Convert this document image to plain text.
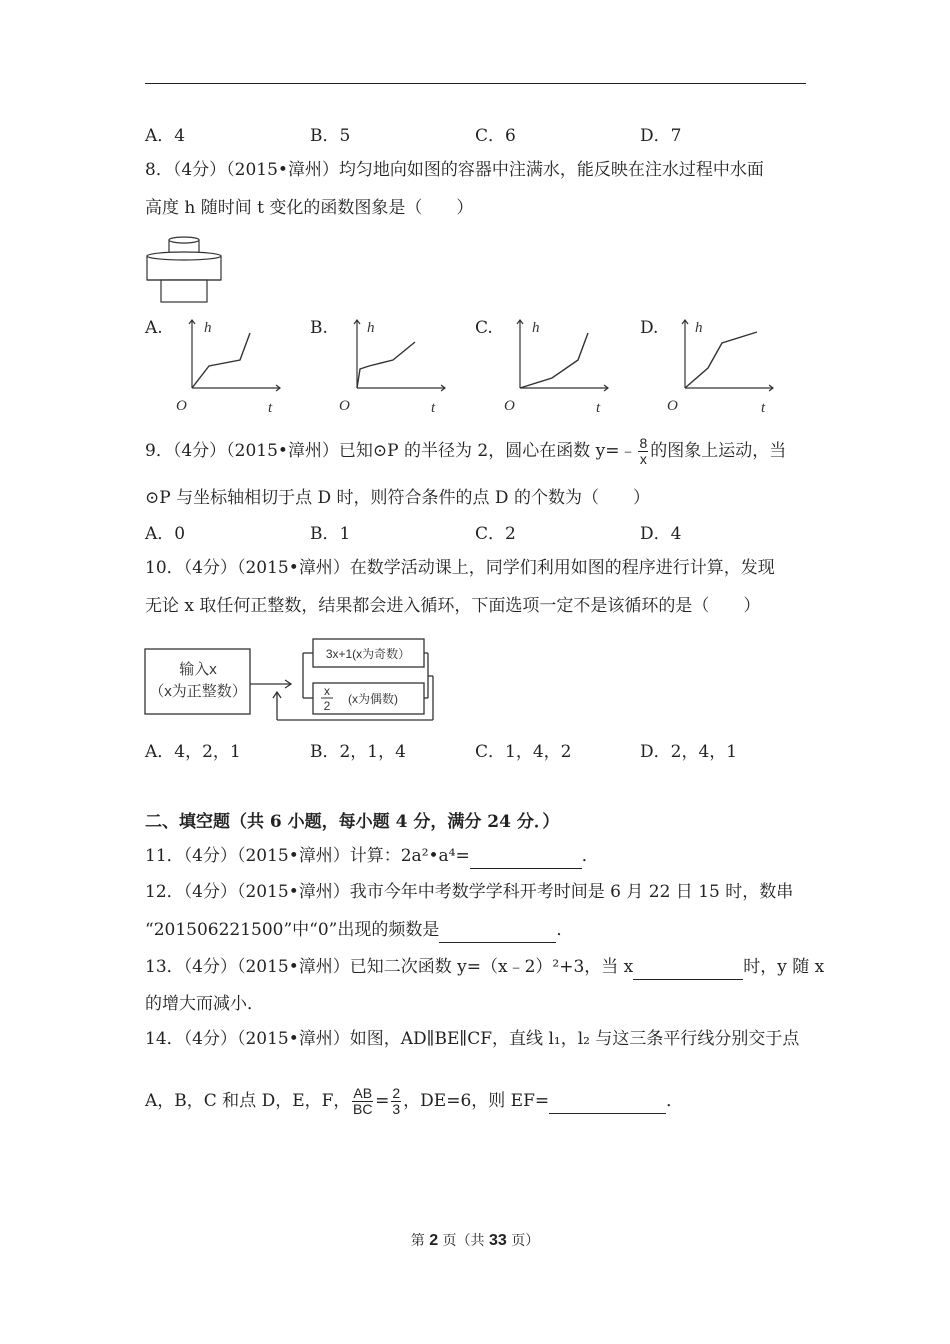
A．4	B．5	C．6	D．7
8．（4分）（2015•漳州）均匀地向如图的容器中注满水，能反映在注水过程中水面
高度 h 随时间 t 变化的函数图象是（　　）
A.	B.	C.	D.
h
O	t
h
O	t
h
O	t
h
O	t
9．（4分）（2015•漳州）已知⊙P 的半径为 2，圆心在函数 y=﹣ $\frac{8}{x}$ 的图象上运动，当
⊙P 与坐标轴相切于点 D 时，则符合条件的点 D 的个数为（　　）
A．0	B．1	C．2	D．4
10．（4分）（2015•漳州）在数学活动课上，同学们利用如图的程序进行计算，发现
无论 x 取任何正整数，结果都会进入循环，下面选项一定不是该循环的是（　　）
输入x
（x为正整数）
3x+1(x为奇数）
x
2 (x为偶数)
A．4，2，1	B．2，1，4	C．1，4，2	D．2，4，1
二、填空题（共 6 小题，每小题 4 分，满分 24 分．）
11．（4分）（2015•漳州）计算：2a²•a⁴=	．
12．（4分）（2015•漳州）我市今年中考数学学科开考时间是 6 月 22 日 15 时，数串
“201506221500”中“0”出现的频数是	．
13．（4分）（2015•漳州）已知二次函数 y=（x﹣2）²+3，当 x	时，y 随 x
的增大而减小．
14．（4分）（2015•漳州）如图，AD∥BE∥CF，直线 l₁，l₂ 与这三条平行线分别交于点
A，B，C 和点 D，E，F， $\frac{AB}{BC} = \frac{2}{3}$ ，DE=6，则 EF=	．
第 2 页（共 33 页）
